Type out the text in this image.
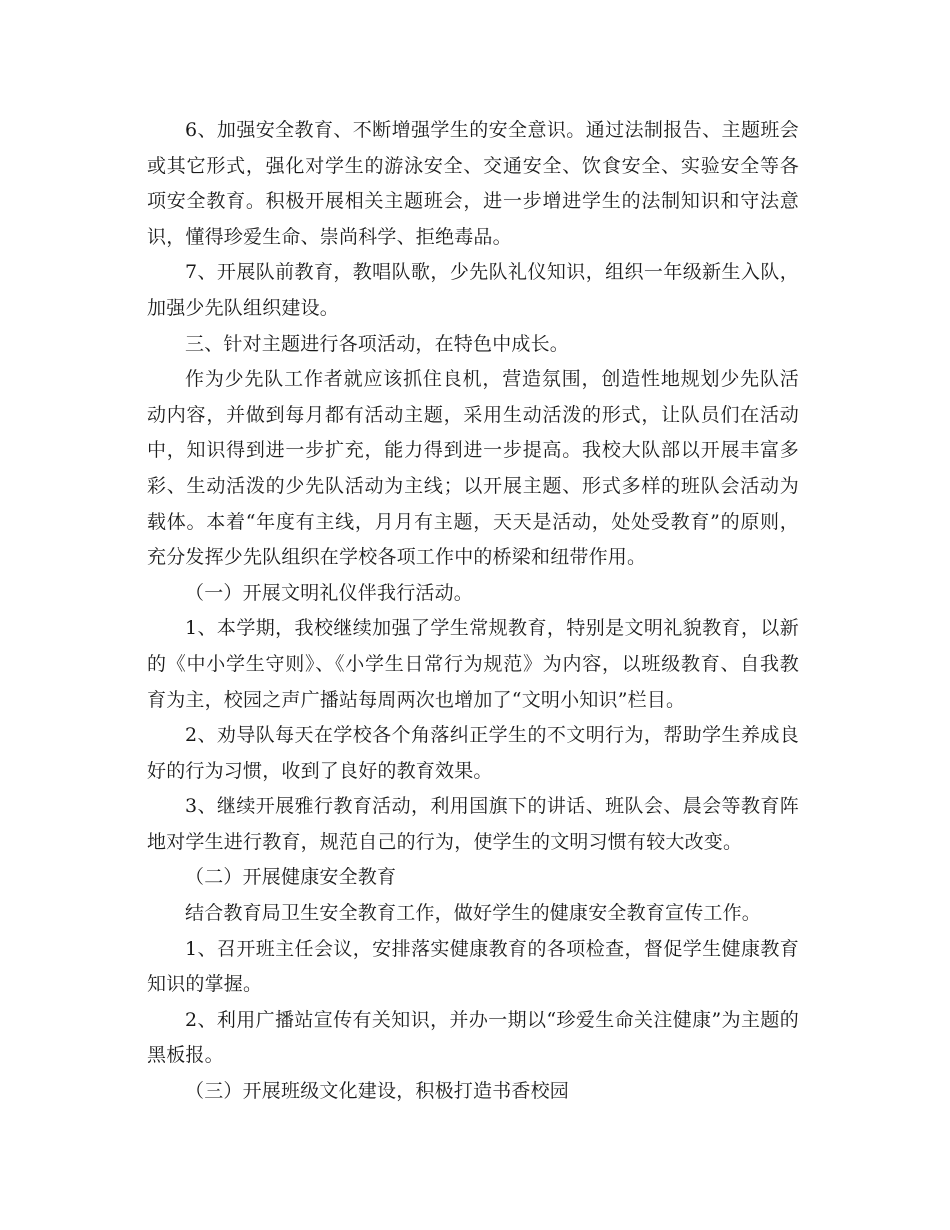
6、加强安全教育、不断增强学生的安全意识。通过法制报告、主题班会或其它形式，强化对学生的游泳安全、交通安全、饮食安全、实验安全等各项安全教育。积极开展相关主题班会，进一步增进学生的法制知识和守法意识，懂得珍爱生命、崇尚科学、拒绝毒品。

7、开展队前教育，教唱队歌，少先队礼仪知识，组织一年级新生入队，加强少先队组织建设。

三、针对主题进行各项活动，在特色中成长。

作为少先队工作者就应该抓住良机，营造氛围，创造性地规划少先队活动内容，并做到每月都有活动主题，采用生动活泼的形式，让队员们在活动中，知识得到进一步扩充，能力得到进一步提高。我校大队部以开展丰富多彩、生动活泼的少先队活动为主线；以开展主题、形式多样的班队会活动为载体。本着“年度有主线，月月有主题，天天是活动，处处受教育”的原则，充分发挥少先队组织在学校各项工作中的桥梁和纽带作用。

（一）开展文明礼仪伴我行活动。

1、本学期，我校继续加强了学生常规教育，特别是文明礼貌教育，以新的《中小学生守则》、《小学生日常行为规范》为内容，以班级教育、自我教育为主，校园之声广播站每周两次也增加了“文明小知识”栏目。

2、劝导队每天在学校各个角落纠正学生的不文明行为，帮助学生养成良好的行为习惯，收到了良好的教育效果。

3、继续开展雅行教育活动，利用国旗下的讲话、班队会、晨会等教育阵地对学生进行教育，规范自己的行为，使学生的文明习惯有较大改变。

（二）开展健康安全教育

结合教育局卫生安全教育工作，做好学生的健康安全教育宣传工作。

1、召开班主任会议，安排落实健康教育的各项检查，督促学生健康教育知识的掌握。

2、利用广播站宣传有关知识，并办一期以“珍爱生命关注健康”为主题的黑板报。

（三）开展班级文化建设，积极打造书香校园
